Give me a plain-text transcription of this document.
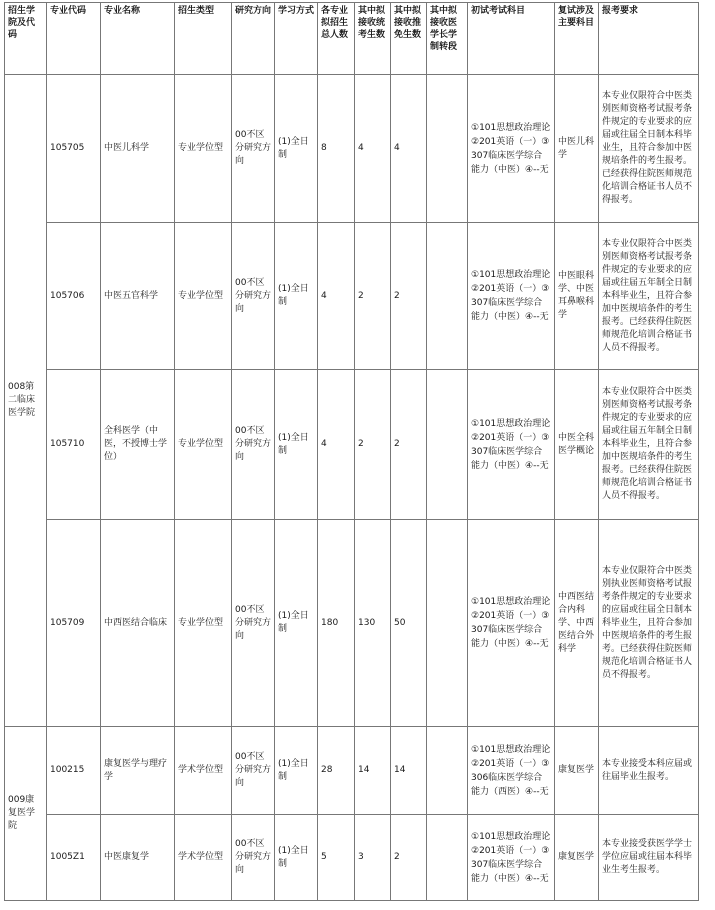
招生学院及代码	专业代码	专业名称	招生类型	研究方向	学习方式	各专业拟招生总人数	其中拟接收统考生数	其中拟接收推免生数	其中拟接收医学长学制转段	初试考试科目	复试涉及主要科目	报考要求
008第二临床医学院	105705	中医儿科学	专业学位型	00不区分研究方向	(1)全日制	8	4	4		①101思想政治理论②201英语（一）③307临床医学综合能力（中医）④--无	中医儿科学	本专业仅限符合中医类别医师资格考试报考条件规定的专业要求的应届或往届全日制本科毕业生，且符合参加中医规培条件的考生报考。已经获得住院医师规范化培训合格证书人员不得报考。
	105706	中医五官科学	专业学位型	00不区分研究方向	(1)全日制	4	2	2		①101思想政治理论②201英语（一）③307临床医学综合能力（中医）④--无	中医眼科学、中医耳鼻喉科学	本专业仅限符合中医类别医师资格考试报考条件规定的专业要求的应届或往届五年制全日制本科毕业生，且符合参加中医规培条件的考生报考。已经获得住院医师规范化培训合格证书人员不得报考。
	105710	全科医学（中医，不授博士学位）	专业学位型	00不区分研究方向	(1)全日制	4	2	2		①101思想政治理论②201英语（一）③307临床医学综合能力（中医）④--无	中医全科医学概论	本专业仅限符合中医类别医师资格考试报考条件规定的专业要求的应届或往届五年制全日制本科毕业生，且符合参加中医规培条件的考生报考。已经获得住院医师规范化培训合格证书人员不得报考。
	105709	中西医结合临床	专业学位型	00不区分研究方向	(1)全日制	180	130	50		①101思想政治理论②201英语（一）③307临床医学综合能力（中医）④--无	中西医结合内科学、中西医结合外科学	本专业仅限符合中医类别执业医师资格考试报考条件规定的专业要求的应届或往届全日制本科毕业生，且符合参加中医规培条件的考生报考。已经获得住院医师规范化培训合格证书人员不得报考。
009康复医学院	100215	康复医学与理疗学	学术学位型	00不区分研究方向	(1)全日制	28	14	14		①101思想政治理论②201英语（一）③306临床医学综合能力（西医）④--无	康复医学	本专业接受本科应届或往届毕业生报考。
	1005Z1	中医康复学	学术学位型	00不区分研究方向	(1)全日制	5	3	2		①101思想政治理论②201英语（一）③307临床医学综合能力（中医）④--无	康复医学	本专业接受获医学学士学位应届或往届本科毕业生考生报考。
